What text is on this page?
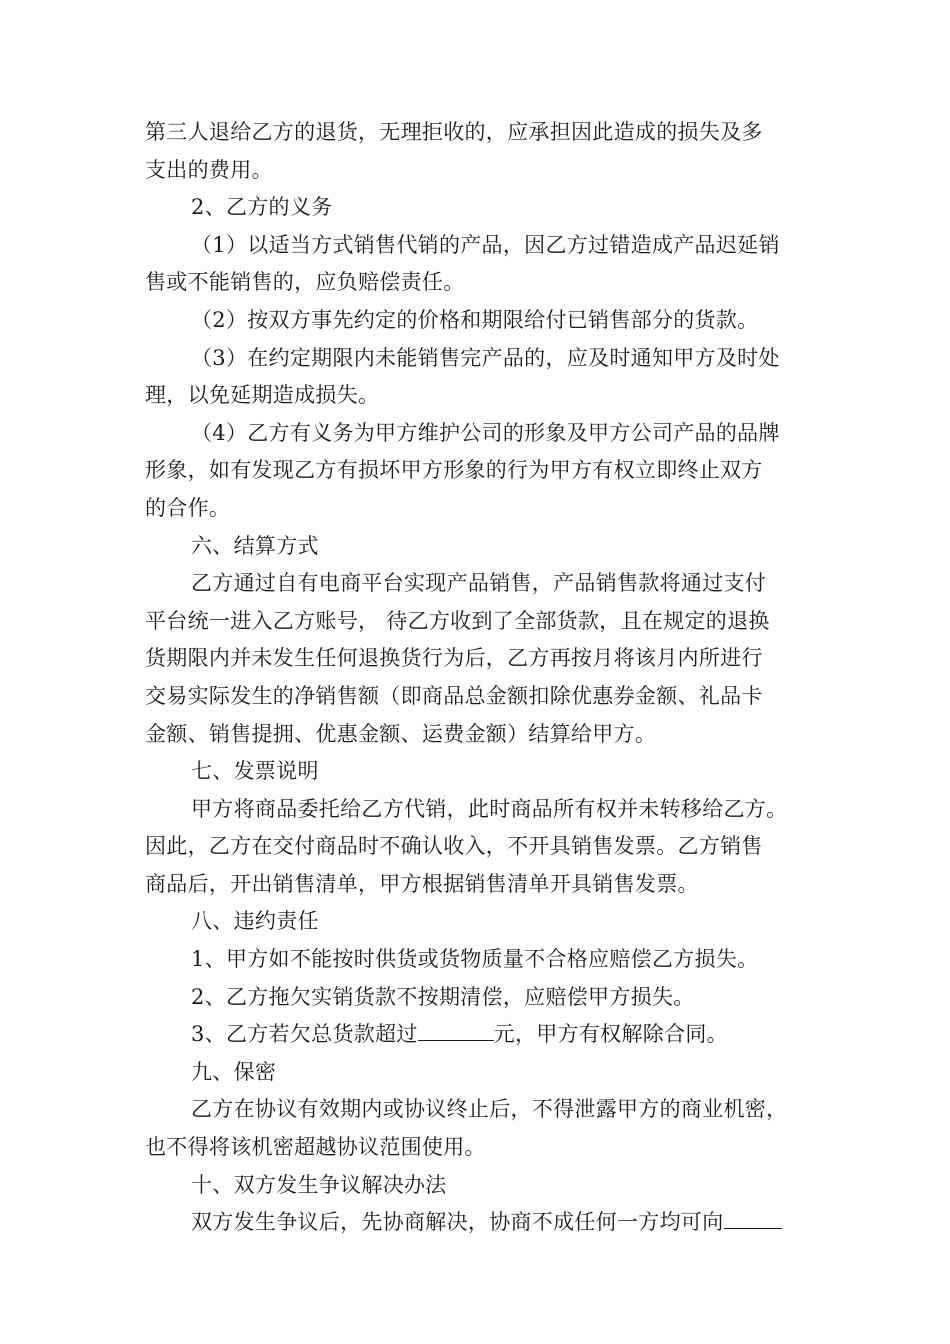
第三人退给乙方的退货，无理拒收的，应承担因此造成的损失及多
支出的费用。
2、乙方的义务
（1）以适当方式销售代销的产品，因乙方过错造成产品迟延销
售或不能销售的，应负赔偿责任。
（2）按双方事先约定的价格和期限给付已销售部分的货款。
（3）在约定期限内未能销售完产品的，应及时通知甲方及时处
理，以免延期造成损失。
（4）乙方有义务为甲方维护公司的形象及甲方公司产品的品牌
形象，如有发现乙方有损坏甲方形象的行为甲方有权立即终止双方
的合作。
六、结算方式
乙方通过自有电商平台实现产品销售，产品销售款将通过支付
平台统一进入乙方账号， 待乙方收到了全部货款，且在规定的退换
货期限内并未发生任何退换货行为后，乙方再按月将该月内所进行
交易实际发生的净销售额（即商品总金额扣除优惠券金额、礼品卡
金额、销售提拥、优惠金额、运费金额）结算给甲方。
七、发票说明
甲方将商品委托给乙方代销，此时商品所有权并未转移给乙方。
因此，乙方在交付商品时不确认收入，不开具销售发票。乙方销售
商品后，开出销售清单，甲方根据销售清单开具销售发票。
八、违约责任
1、甲方如不能按时供货或货物质量不合格应赔偿乙方损失。
2、乙方拖欠实销货款不按期清偿，应赔偿甲方损失。
3、乙方若欠总货款超过	元，甲方有权解除合同。
九、保密
乙方在协议有效期内或协议终止后，不得泄露甲方的商业机密，
也不得将该机密超越协议范围使用。
十、双方发生争议解决办法
双方发生争议后，先协商解决，协商不成任何一方均可向
